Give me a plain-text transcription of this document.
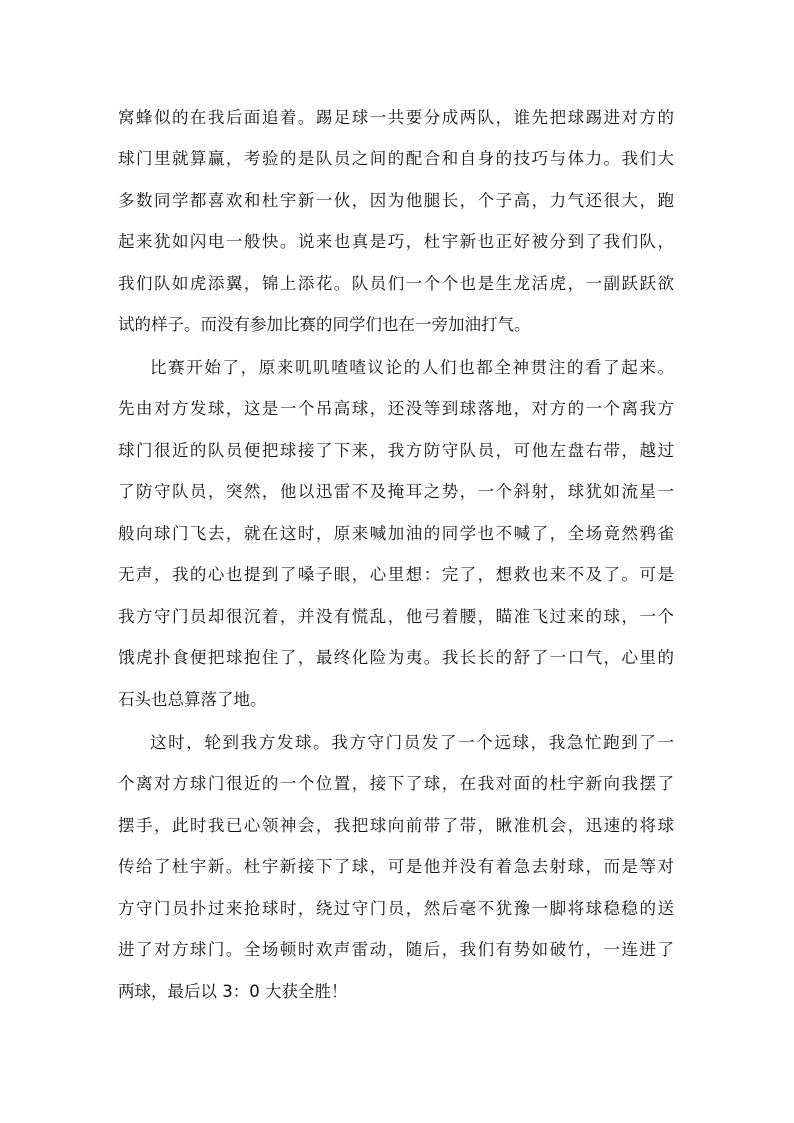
窝蜂似的在我后面追着。踢足球一共要分成两队，谁先把球踢进对方的
球门里就算赢，考验的是队员之间的配合和自身的技巧与体力。我们大
多数同学都喜欢和杜宇新一伙，因为他腿长，个子高，力气还很大，跑
起来犹如闪电一般快。说来也真是巧，杜宇新也正好被分到了我们队，
我们队如虎添翼，锦上添花。队员们一个个也是生龙活虎，一副跃跃欲
试的样子。而没有参加比赛的同学们也在一旁加油打气。
比赛开始了，原来叽叽喳喳议论的人们也都全神贯注的看了起来。
先由对方发球，这是一个吊高球，还没等到球落地，对方的一个离我方
球门很近的队员便把球接了下来，我方防守队员，可他左盘右带，越过
了防守队员，突然，他以迅雷不及掩耳之势，一个斜射，球犹如流星一
般向球门飞去，就在这时，原来喊加油的同学也不喊了，全场竟然鸦雀
无声，我的心也提到了嗓子眼，心里想：完了，想救也来不及了。可是
我方守门员却很沉着，并没有慌乱，他弓着腰，瞄准飞过来的球，一个
饿虎扑食便把球抱住了，最终化险为夷。我长长的舒了一口气，心里的
石头也总算落了地。
这时，轮到我方发球。我方守门员发了一个远球，我急忙跑到了一
个离对方球门很近的一个位置，接下了球，在我对面的杜宇新向我摆了
摆手，此时我已心领神会，我把球向前带了带，瞅准机会，迅速的将球
传给了杜宇新。杜宇新接下了球，可是他并没有着急去射球，而是等对
方守门员扑过来抢球时，绕过守门员，然后毫不犹豫一脚将球稳稳的送
进了对方球门。全场顿时欢声雷动，随后，我们有势如破竹，一连进了
两球，最后以 3：0 大获全胜！
